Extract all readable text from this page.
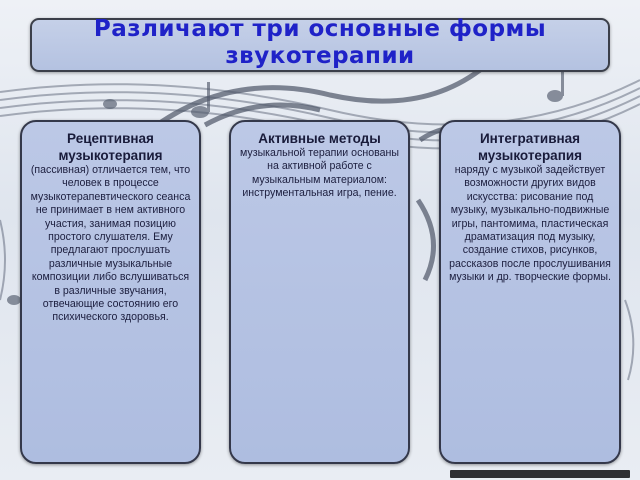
Различают три основные формы звукотерапии
Рецептивная музыкотерапия
(пассивная) отличается тем, что человек в процессе музыкотерапевтического сеанса не принимает в нем активного участия, занимая позицию простого слушателя. Ему предлагают прослушать различные музыкальные композиции либо вслушиваться в различные звучания, отвечающие состоянию его психического здоровья.
Активные методы
музыкальной терапии основаны на активной работе с музыкальным материалом: инструментальная игра, пение.
Интегративная музыкотерапия
наряду с музыкой задействует возможности других видов искусства: рисование под музыку, музыкально-подвижные игры, пантомима, пластическая драматизация под музыку, создание стихов, рисунков, рассказов после прослушивания музыки и др. творческие формы.
